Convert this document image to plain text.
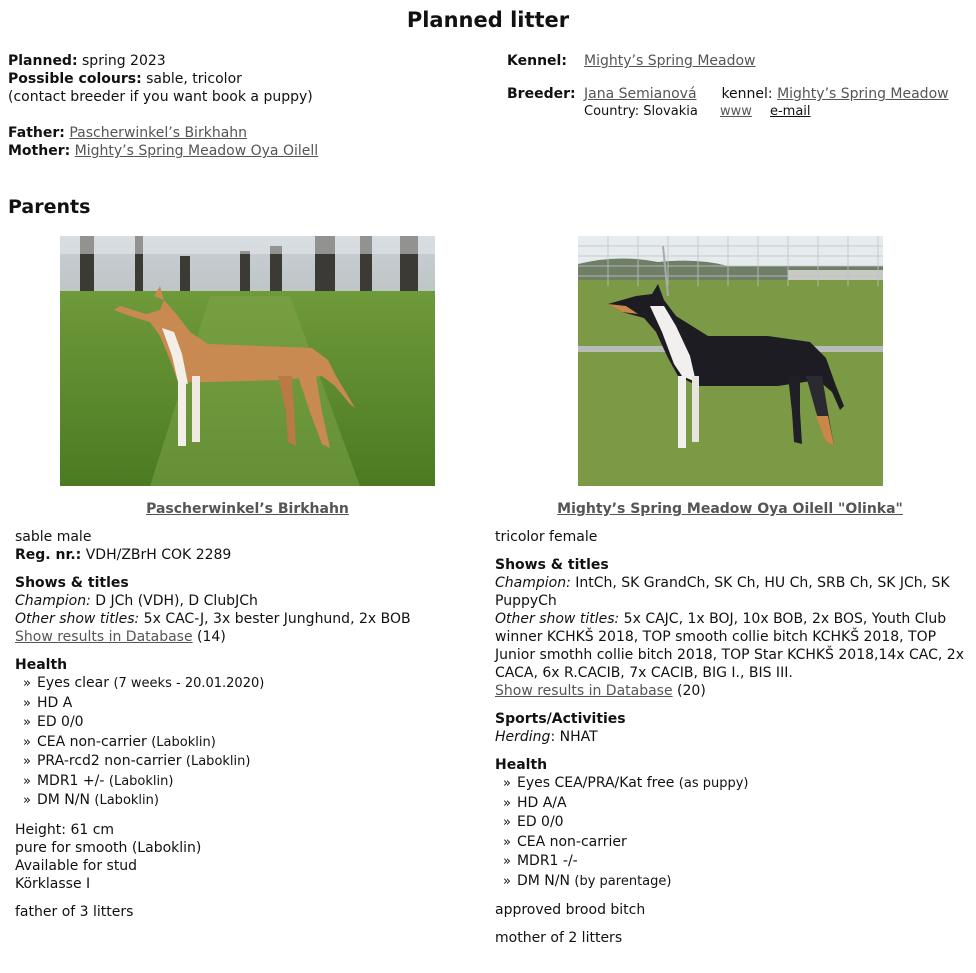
Planned litter
Planned: spring 2023
Possible colours: sable, tricolor
(contact breeder if you want book a puppy)
Father: Pascherwinkel’s Birkhahn
Mother: Mighty’s Spring Meadow Oya Oilell
Kennel:	Mighty’s Spring Meadow

Breeder:	Jana Semianová kennel: Mighty’s Spring Meadow
Country: Slovakia www e-mail
Parents
Pascherwinkel’s Birkhahn
sable male
Reg. nr.: VDH/ZBrH COK 2289
Shows & titles
Champion: D JCh (VDH), D ClubJCh
Other show titles: 5x CAC-J, 3x bester Junghund, 2x BOB
Show results in Database (14)
Health
» Eyes clear (7 weeks - 20.01.2020)
» HD A
» ED 0/0
» CEA non-carrier (Laboklin)
» PRA-rcd2 non-carrier (Laboklin)
» MDR1 +/- (Laboklin)
» DM N/N (Laboklin)
Height: 61 cm
pure for smooth (Laboklin)
Available for stud
Körklasse I
father of 3 litters
Mighty’s Spring Meadow Oya Oilell "Olinka"
tricolor female
Shows & titles
Champion: IntCh, SK GrandCh, SK Ch, HU Ch, SRB Ch, SK JCh, SK PuppyCh
Other show titles: 5x CAJC, 1x BOJ, 10x BOB, 2x BOS, Youth Club winner KCHKŠ 2018, TOP smooth collie bitch KCHKŠ 2018, TOP Junior smothh collie bitch 2018, TOP Star KCHKŠ 2018,14x CAC, 2x CACA, 6x R.CACIB, 7x CACIB, BIG I., BIS III.
Show results in Database (20)
Sports/Activities
Herding: NHAT
Health
» Eyes CEA/PRA/Kat free (as puppy)
» HD A/A
» ED 0/0
» CEA non-carrier
» MDR1 -/-
» DM N/N (by parentage)
approved brood bitch
mother of 2 litters
